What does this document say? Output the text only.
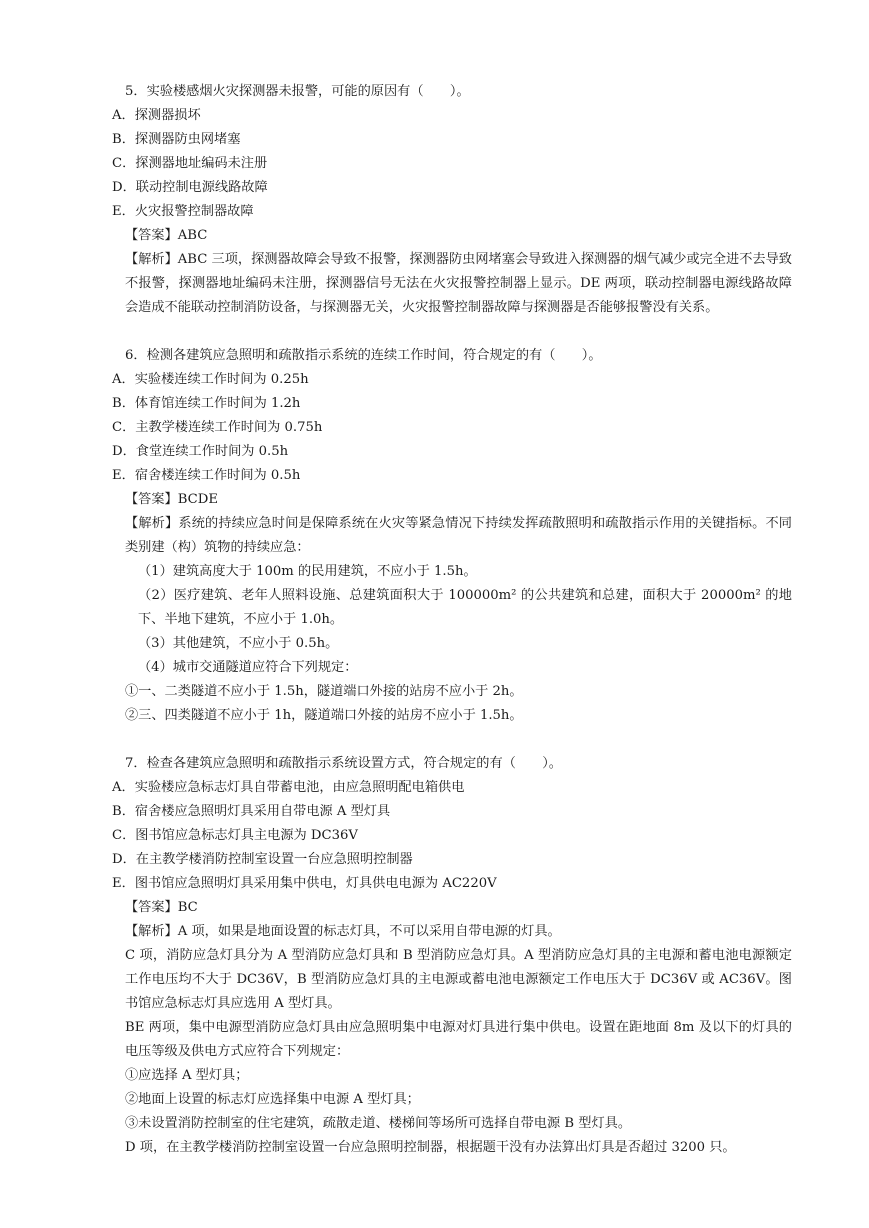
5．实验楼感烟火灾探测器未报警，可能的原因有（　　）。
A．探测器损坏
B．探测器防虫网堵塞
C．探测器地址编码未注册
D．联动控制电源线路故障
E．火灾报警控制器故障
【答案】ABC
【解析】ABC 三项，探测器故障会导致不报警，探测器防虫网堵塞会导致进入探测器的烟气减少或完全进不去导致不报警，探测器地址编码未注册，探测器信号无法在火灾报警控制器上显示。DE 两项，联动控制器电源线路故障会造成不能联动控制消防设备，与探测器无关，火灾报警控制器故障与探测器是否能够报警没有关系。
6．检测各建筑应急照明和疏散指示系统的连续工作时间，符合规定的有（　　）。
A．实验楼连续工作时间为 0.25h
B．体育馆连续工作时间为 1.2h
C．主教学楼连续工作时间为 0.75h
D．食堂连续工作时间为 0.5h
E．宿舍楼连续工作时间为 0.5h
【答案】BCDE
【解析】系统的持续应急时间是保障系统在火灾等紧急情况下持续发挥疏散照明和疏散指示作用的关键指标。不同类别建（构）筑物的持续应急：
（1）建筑高度大于 100m 的民用建筑，不应小于 1.5h。
（2）医疗建筑、老年人照料设施、总建筑面积大于 100000m² 的公共建筑和总建，面积大于 20000m² 的地下、半地下建筑，不应小于 1.0h。
（3）其他建筑，不应小于 0.5h。
（4）城市交通隧道应符合下列规定：
①一、二类隧道不应小于 1.5h，隧道端口外接的站房不应小于 2h。
②三、四类隧道不应小于 1h，隧道端口外接的站房不应小于 1.5h。
7．检查各建筑应急照明和疏散指示系统设置方式，符合规定的有（　　）。
A．实验楼应急标志灯具自带蓄电池，由应急照明配电箱供电
B．宿舍楼应急照明灯具采用自带电源 A 型灯具
C．图书馆应急标志灯具主电源为 DC36V
D．在主教学楼消防控制室设置一台应急照明控制器
E．图书馆应急照明灯具采用集中供电，灯具供电电源为 AC220V
【答案】BC
【解析】A 项，如果是地面设置的标志灯具，不可以采用自带电源的灯具。
C 项，消防应急灯具分为 A 型消防应急灯具和 B 型消防应急灯具。A 型消防应急灯具的主电源和蓄电池电源额定工作电压均不大于 DC36V，B 型消防应急灯具的主电源或蓄电池电源额定工作电压大于 DC36V 或 AC36V。图书馆应急标志灯具应选用 A 型灯具。
BE 两项，集中电源型消防应急灯具由应急照明集中电源对灯具进行集中供电。设置在距地面 8m 及以下的灯具的电压等级及供电方式应符合下列规定：
①应选择 A 型灯具；
②地面上设置的标志灯应选择集中电源 A 型灯具；
③未设置消防控制室的住宅建筑，疏散走道、楼梯间等场所可选择自带电源 B 型灯具。
D 项，在主教学楼消防控制室设置一台应急照明控制器，根据题干没有办法算出灯具是否超过 3200 只。
